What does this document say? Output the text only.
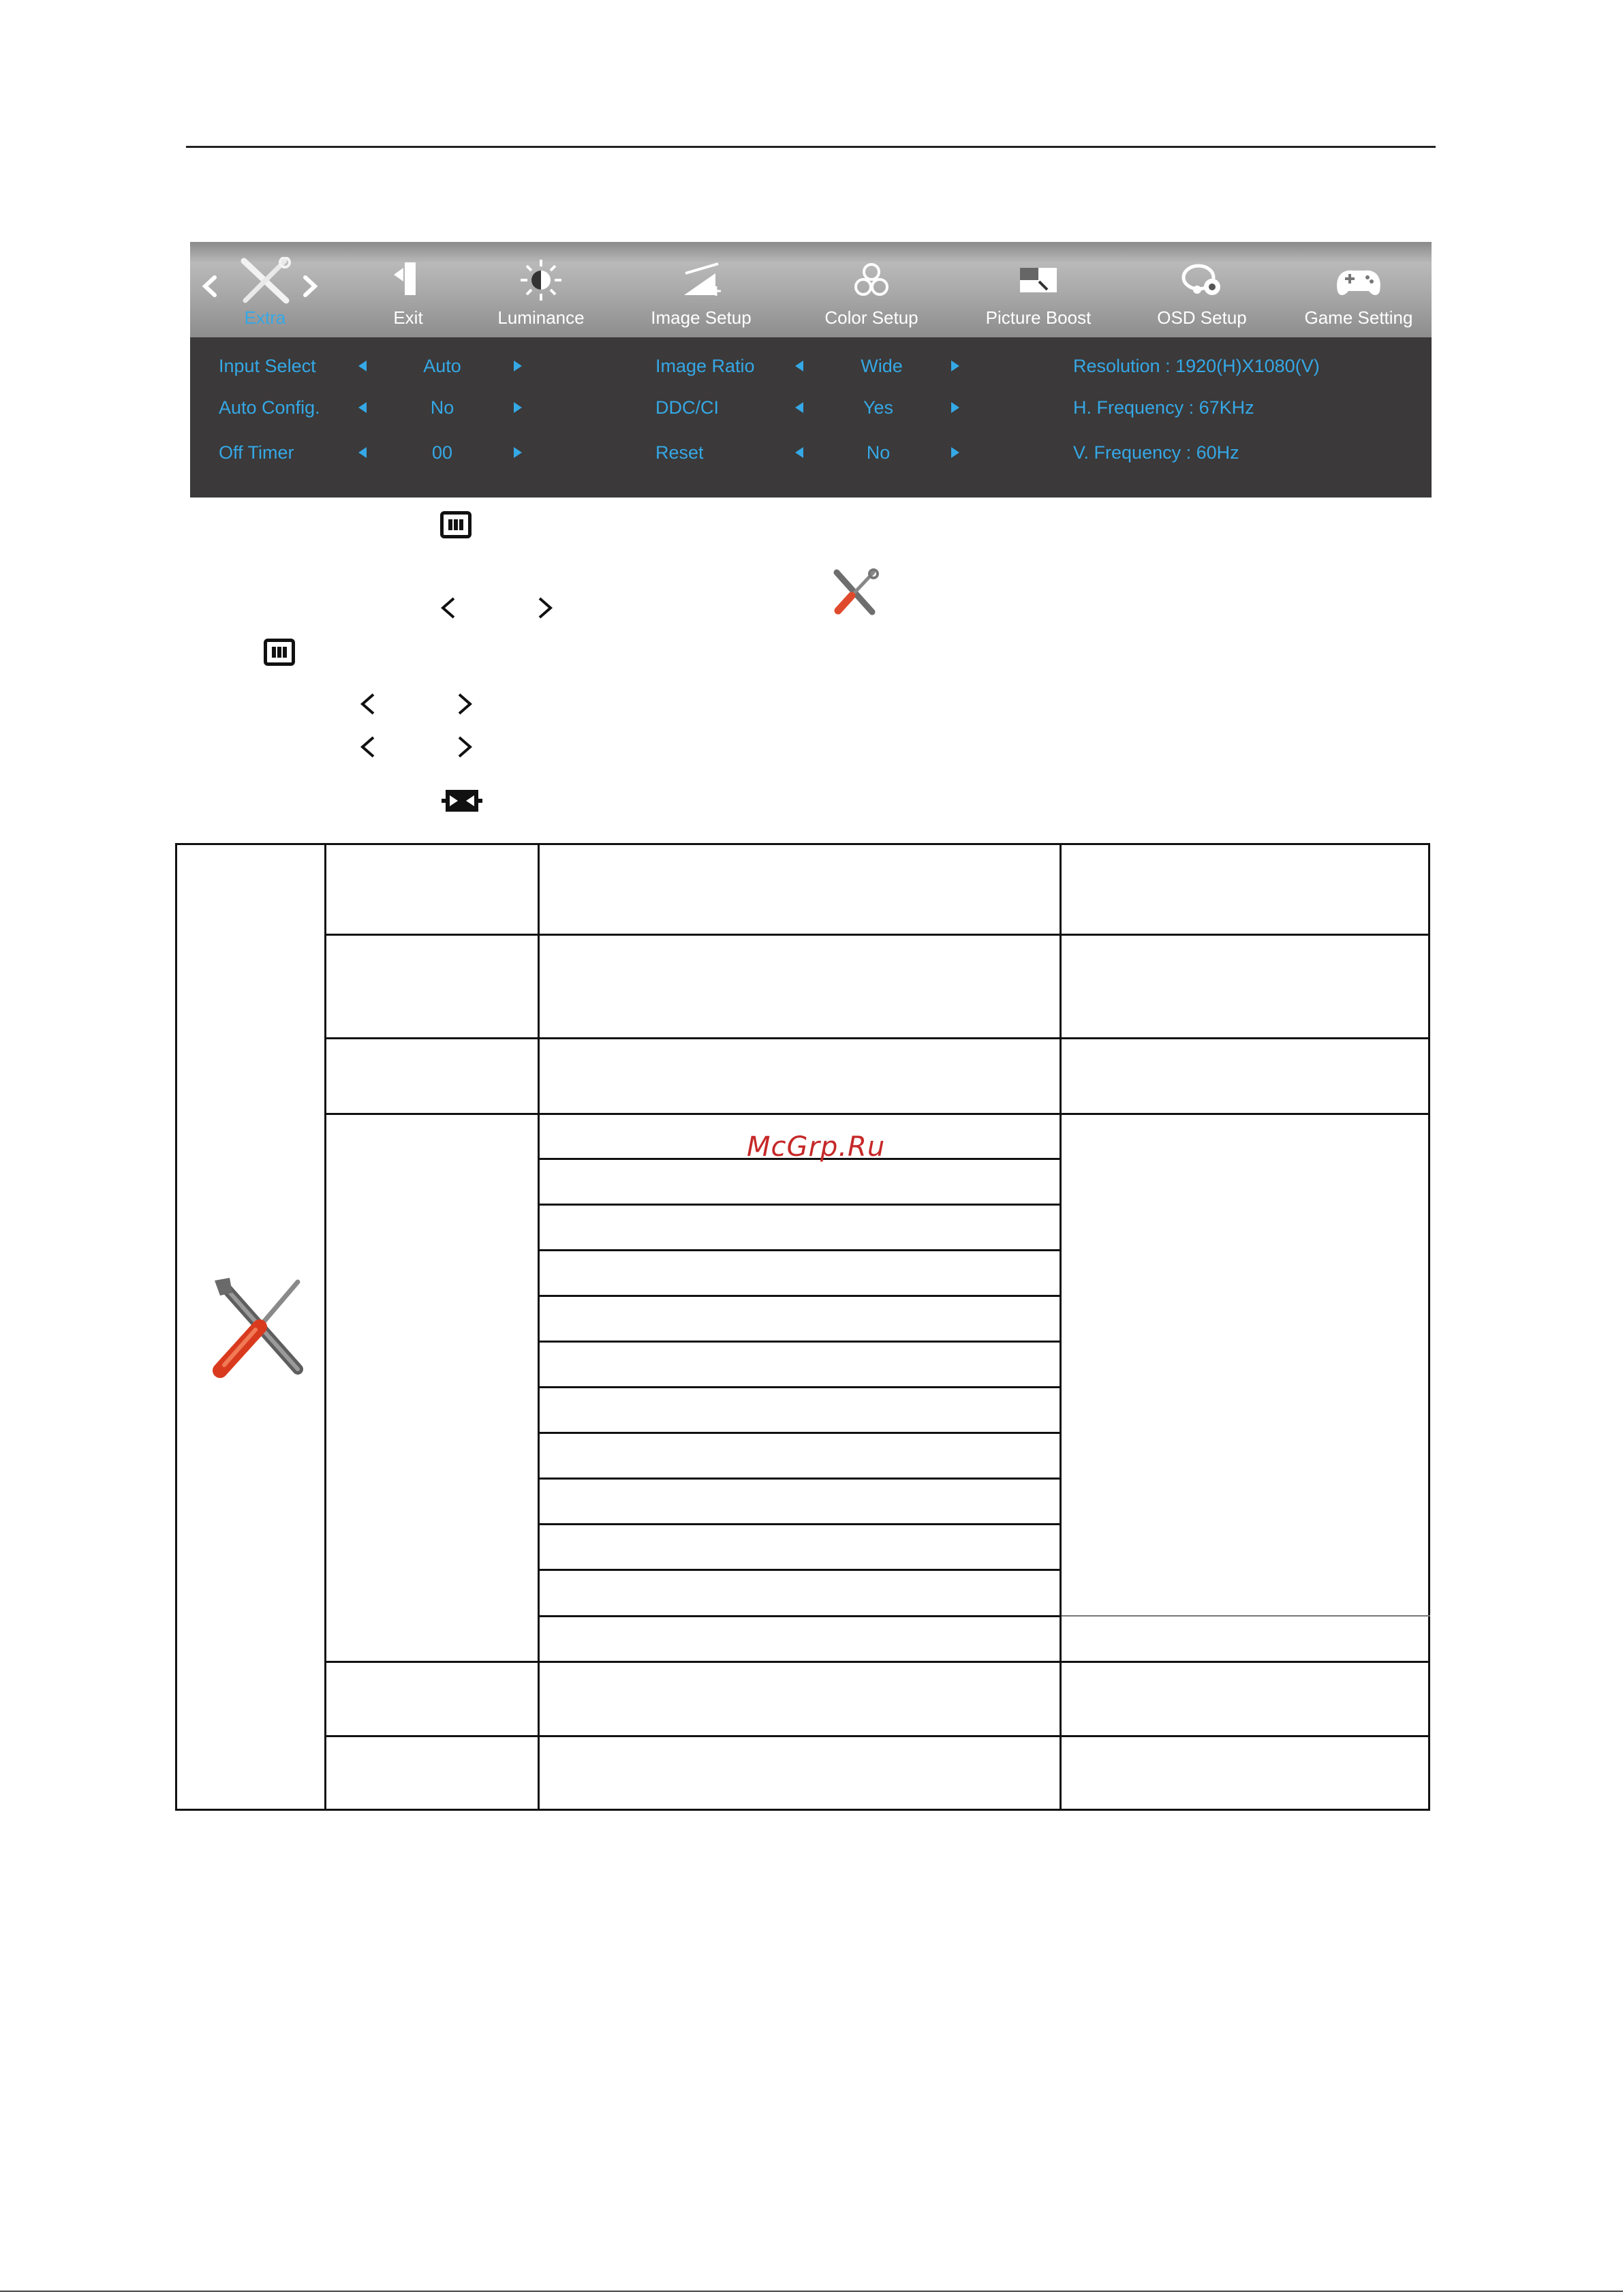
Extra	Exit	Luminance	Image Setup	Color Setup	Picture Boost	OSD Setup	Game Setting
Input Select	Auto
Auto Config.	No
Off Timer	00
Image Ratio	Wide
DDC/CI	Yes
Reset	No
Resolution : 1920(H)X1080(V)
H. Frequency : 67KHz
V. Frequency : 60Hz
McGrp.Ru
